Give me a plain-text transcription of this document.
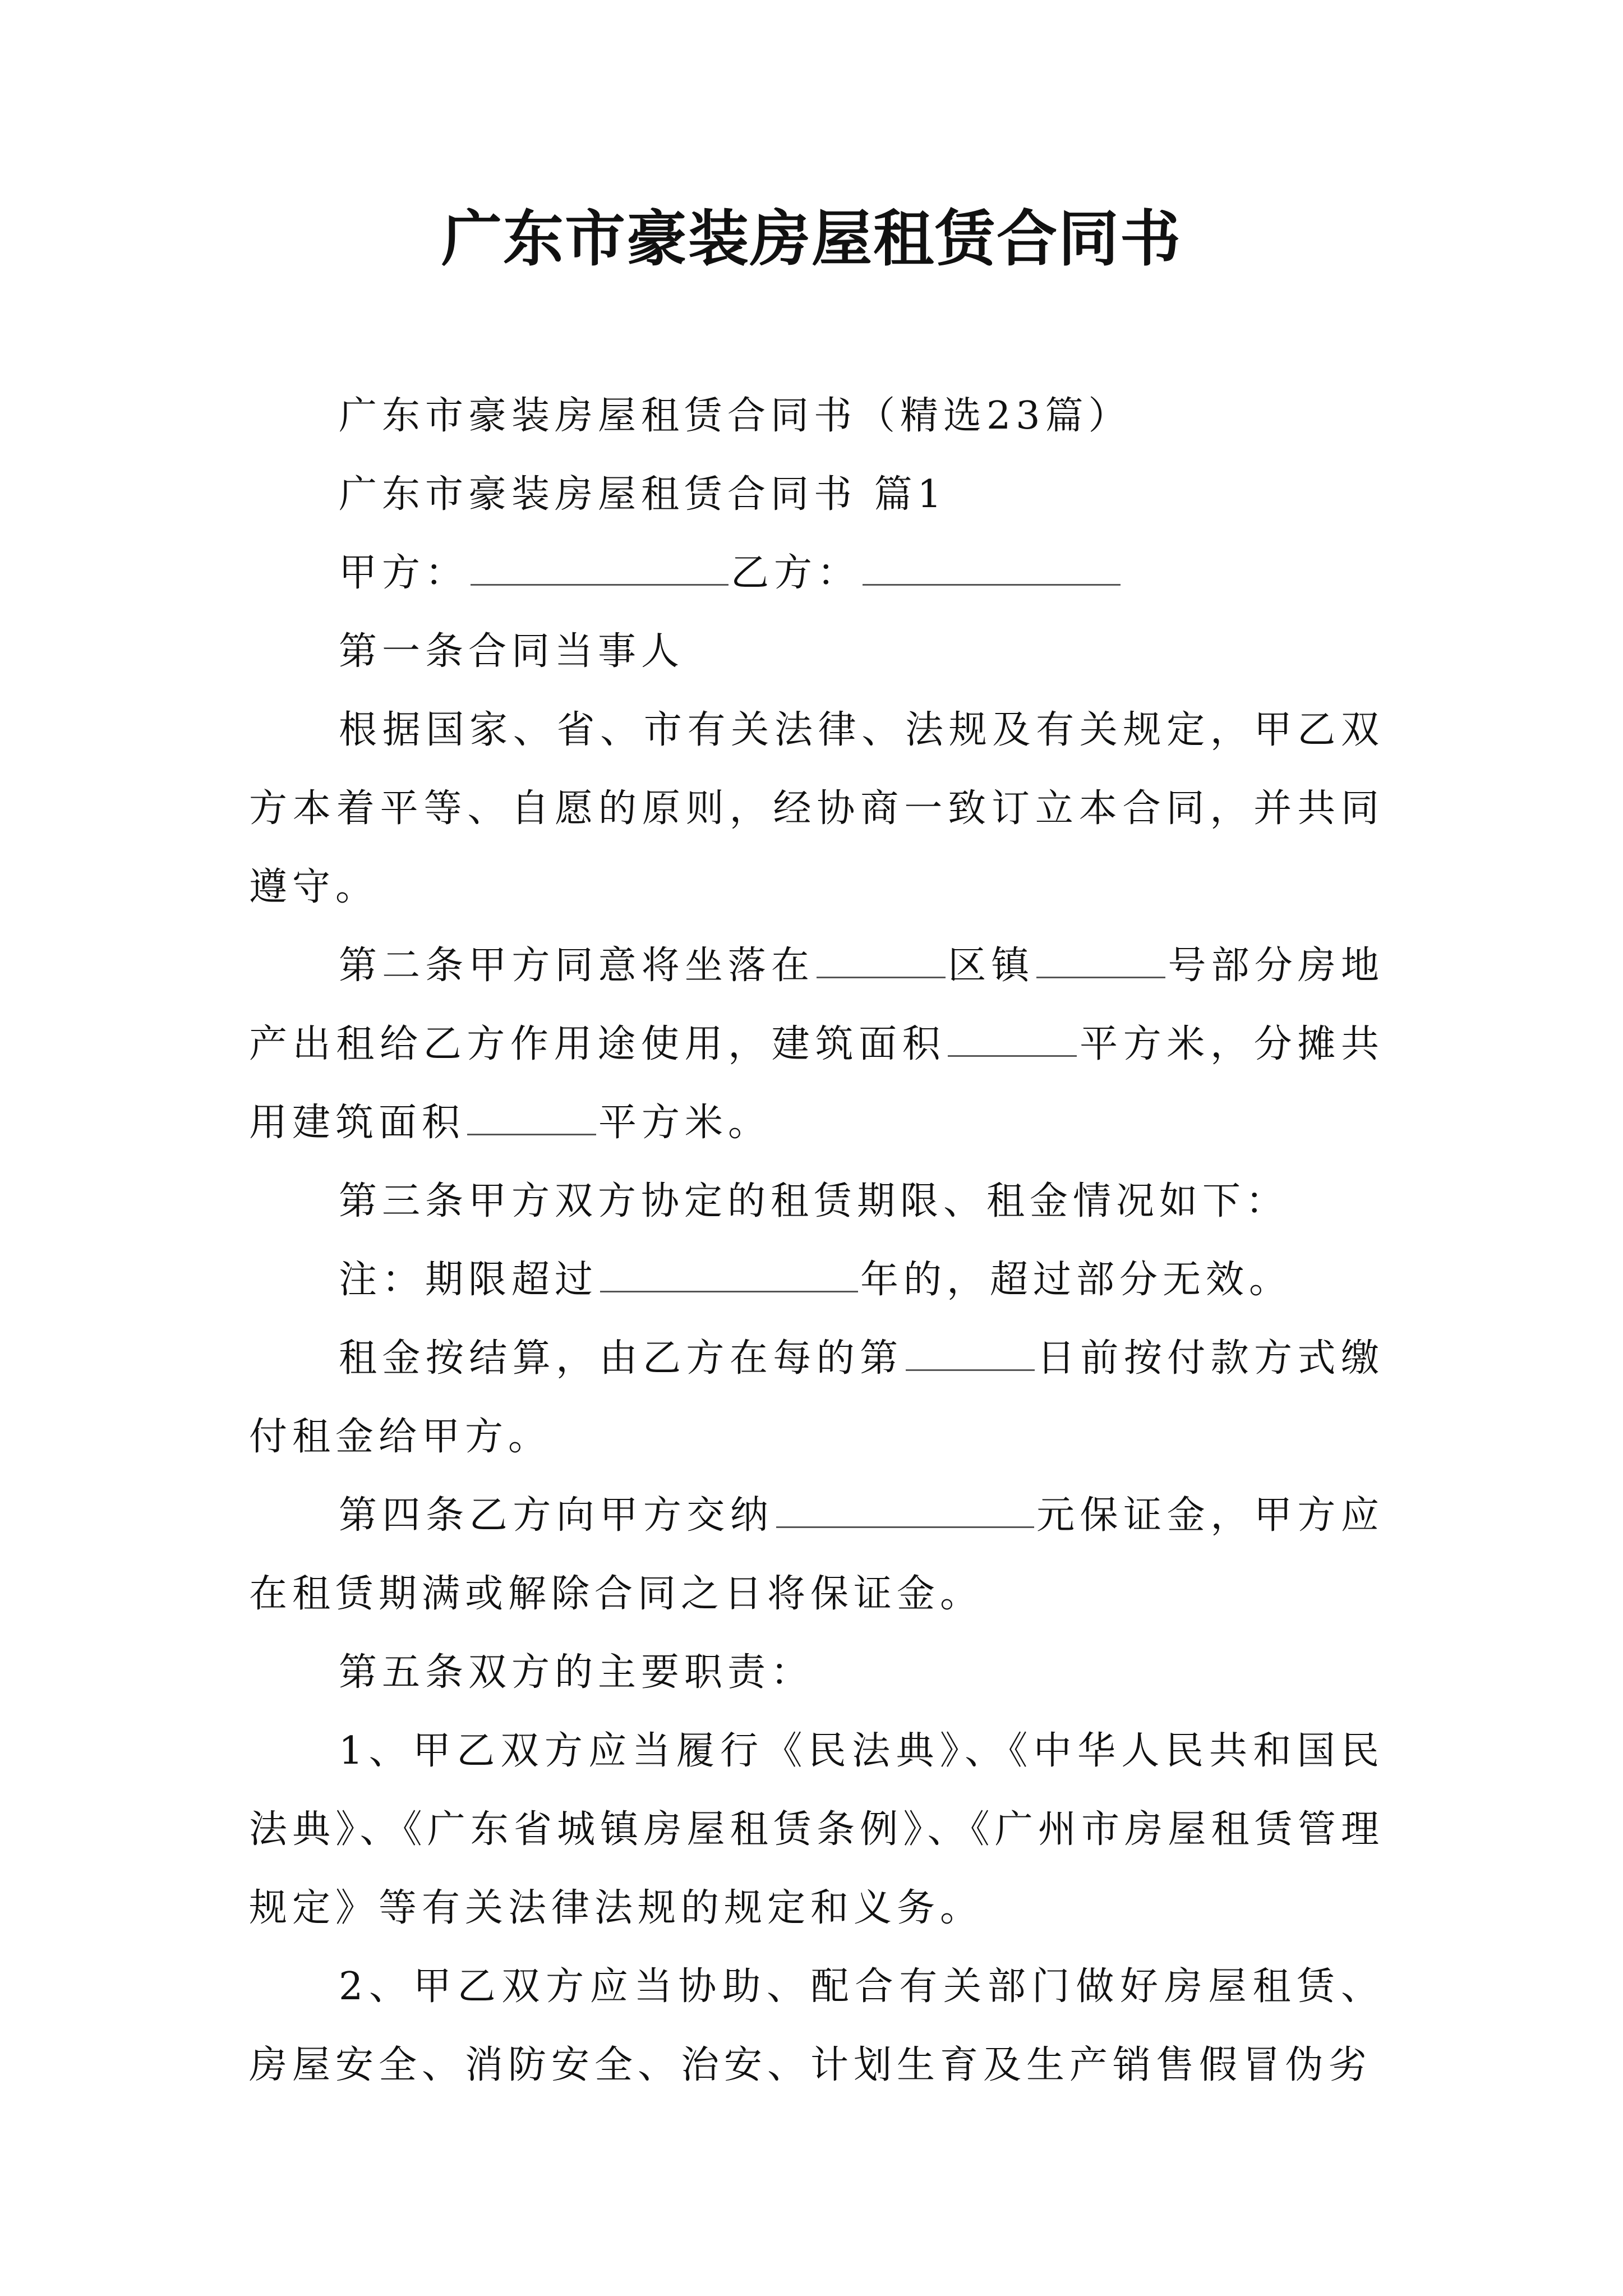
广东市豪装房屋租赁合同书

广东市豪装房屋租赁合同书（精选23篇）

广东市豪装房屋租赁合同书 篇1

甲方：	乙方：

第一条合同当事人

根据国家、省、市有关法律、法规及有关规定，甲乙双方本着平等、自愿的原则，经协商一致订立本合同，并共同遵守。

第二条甲方同意将坐落在	区镇	号部分房地产出租给乙方作用途使用，建筑面积	平方米，分摊共用建筑面积	平方米。

第三条甲方双方协定的租赁期限、租金情况如下：

注：期限超过	年的，超过部分无效。

租金按结算，由乙方在每的第	日前按付款方式缴付租金给甲方。

第四条乙方向甲方交纳	元保证金，甲方应在租赁期满或解除合同之日将保证金。

第五条双方的主要职责：

1、甲乙双方应当履行《民法典》、《中华人民共和国民法典》、《广东省城镇房屋租赁条例》、《广州市房屋租赁管理规定》等有关法律法规的规定和义务。

2、甲乙双方应当协助、配合有关部门做好房屋租赁、房屋安全、消防安全、治安、计划生育及生产销售假冒伪劣
